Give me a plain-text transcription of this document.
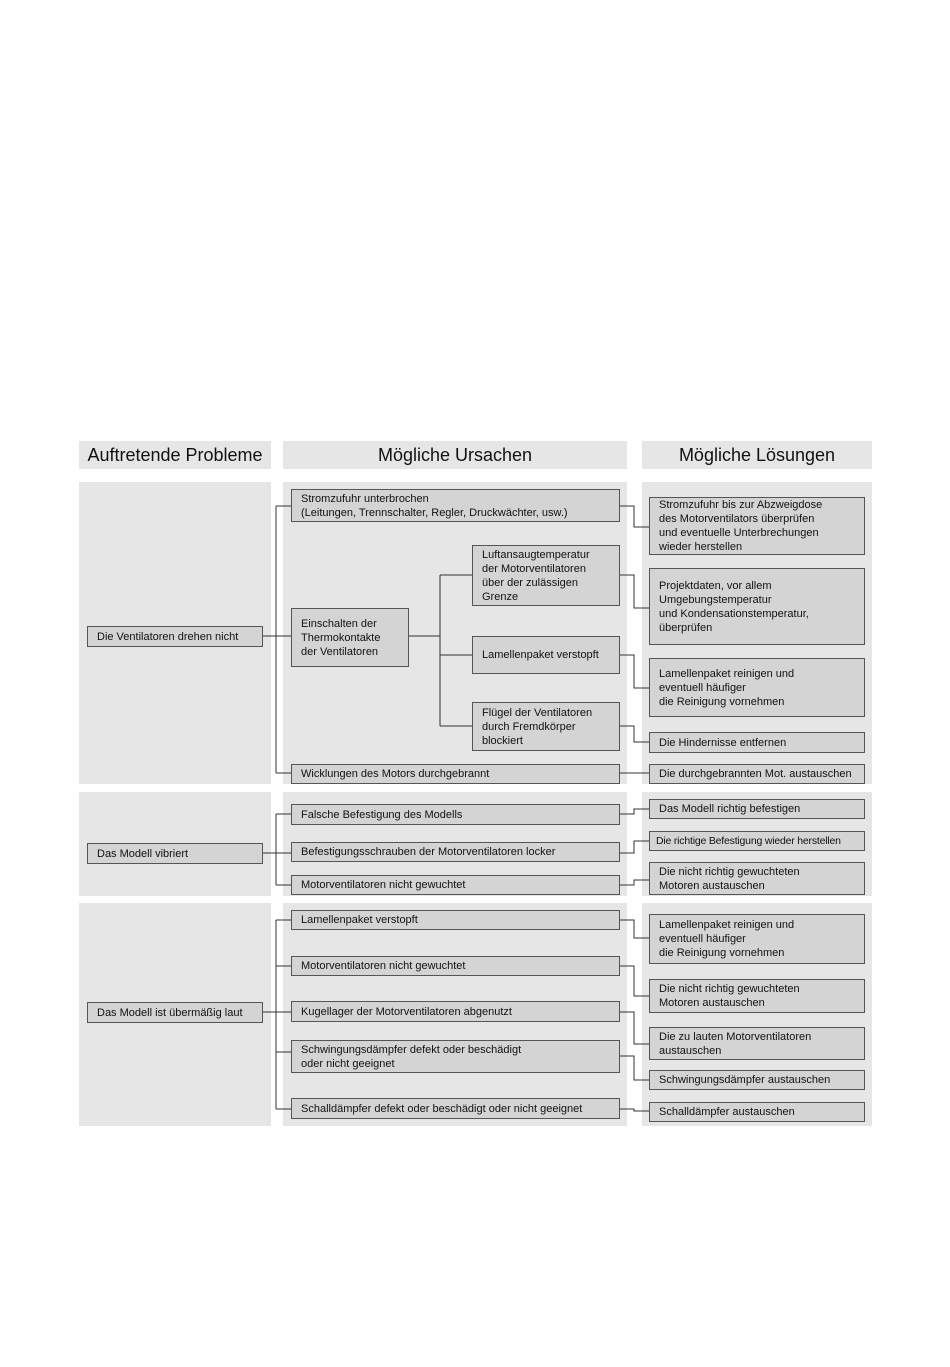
Auftretende Probleme	Mögliche Ursachen	Mögliche Lösungen
Die Ventilatoren drehen nicht
Das Modell vibriert
Das Modell ist übermäßig laut
Stromzufuhr unterbrochen
(Leitungen, Trennschalter, Regler, Druckwächter, usw.)
Einschalten der
Thermokontakte
der Ventilatoren
Luftansaugtemperatur
der Motorventilatoren
über der zulässigen
Grenze
Lamellenpaket verstopft
Flügel der Ventilatoren
durch Fremdkörper
blockiert
Wicklungen des Motors durchgebrannt
Falsche Befestigung des Modells
Befestigungsschrauben der Motorventilatoren locker
Motorventilatoren nicht gewuchtet
Lamellenpaket verstopft
Motorventilatoren nicht gewuchtet
Kugellager der Motorventilatoren abgenutzt
Schwingungsdämpfer defekt oder beschädigt
oder nicht geeignet
Schalldämpfer defekt oder beschädigt oder nicht geeignet
Stromzufuhr bis zur Abzweigdose
des Motorventilators überprüfen
und eventuelle Unterbrechungen
wieder herstellen
Projektdaten, vor allem
Umgebungstemperatur
und Kondensationstemperatur,
überprüfen
Lamellenpaket reinigen und
eventuell häufiger
die Reinigung vornehmen
Die Hindernisse entfernen
Die durchgebrannten Mot. austauschen
Das Modell richtig befestigen
Die richtige Befestigung wieder herstellen
Die nicht richtig gewuchteten
Motoren austauschen
Lamellenpaket reinigen und
eventuell häufiger
die Reinigung vornehmen
Die nicht richtig gewuchteten
Motoren austauschen
Die zu lauten Motorventilatoren
austauschen
Schwingungsdämpfer austauschen
Schalldämpfer austauschen
